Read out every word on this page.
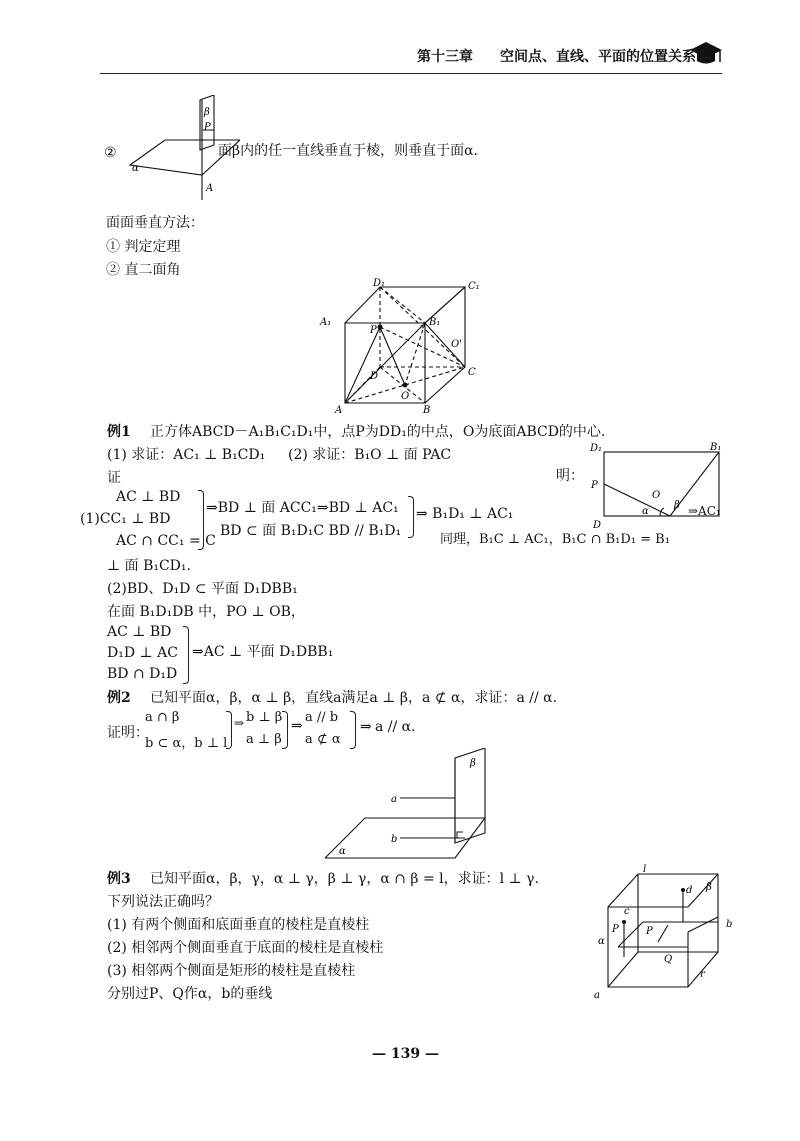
第十三章 空间点、直线、平面的位置关系
β
P
α
A
②	面β内的任一直线垂直于棱，则垂直于面α.
面面垂直方法：
① 判定定理
② 直二面角
D₁	C₁
A₁	B₁
O'
P
D	C
A	B
O
例1 正方体ABCD－A₁B₁C₁D₁中，点P为DD₁的中点，O为底面ABCD的中心.
(1) 求证：AC₁ ⊥ B₁CD₁ (2) 求证：B₁O ⊥ 面 PAC
证	明：
D₁	B₁
P
O
β
D
α
AC ⊥ BD
(1)CC₁ ⊥ BD
AC ∩ CC₁ = C
⇒BD ⊥ 面 ACC₁⇒BD ⊥ AC₁
BD ⊂ 面 B₁D₁C BD // B₁D₁
⇒ B₁D₁ ⊥ AC₁
同理，B₁C ⊥ AC₁，B₁C ∩ B₁D₁ = B₁
⇒AC₁
⊥ 面 B₁CD₁.
(2)BD、D₁D ⊂ 平面 D₁DBB₁
在面 B₁D₁DB 中，PO ⊥ OB，
AC ⊥ BD
D₁D ⊥ AC
BD ∩ D₁D
⇒AC ⊥ 平面 D₁DBB₁
例2 已知平面α，β，α ⊥ β，直线a满足a ⊥ β，a ⊄ α，求证：a // α.
证明：
a ∩ β
b ⊂ α，b ⊥ l
⇒ b ⊥ β
a ⊥ β
⇒
a // b
a ⊄ α
⇒ a // α.
β
a
b
α
例3 已知平面α，β，γ，α ⊥ γ，β ⊥ γ，α ∩ β = l，求证：l ⊥ γ.
下列说法正确吗？
(1) 有两个侧面和底面垂直的棱柱是直棱柱
(2) 相邻两个侧面垂直于底面的棱柱是直棱柱
(3) 相邻两个侧面是矩形的棱柱是直棱柱
分别过P、Q作α，b的垂线
l
β
d
b
c
P	P
α
Q
r
a
— 139 —
